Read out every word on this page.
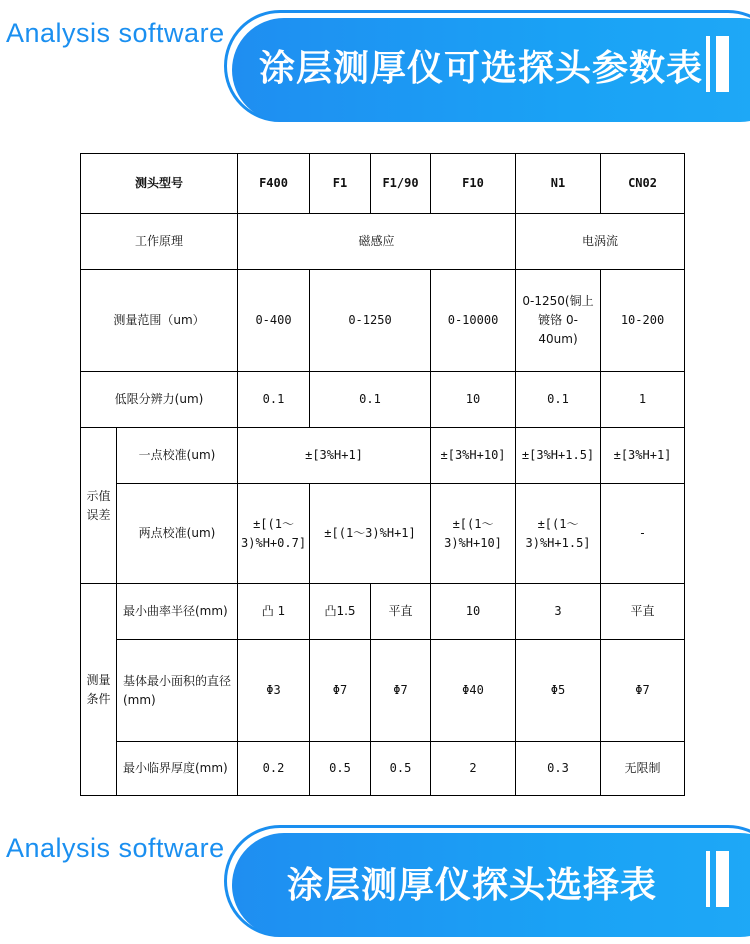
Analysis software
涂层测厚仪可选探头参数表
测头型号		F400	F1	F1/90	F10	N1	CN02
工作原理		磁感应				电涡流	
测量范围（um）		0-400	0-1250		0-10000	0-1250(铜上镀铬 0-40um)	10-200
低限分辨力(um)		0.1	0.1		10	0.1	1
示值误差	一点校准(um)	±[3%H+1]			±[3%H+10]	±[3%H+1.5]	±[3%H+1]
	两点校准(um)	±[(1～3)%H+0.7]	±[(1～3)%H+1]		±[(1～3)%H+10]	±[(1～3)%H+1.5]	-
测量条件	最小曲率半径(mm)	凸 1	凸1.5	平直	10	3	平直
	基体最小面积的直径(mm)	Φ3	Φ7	Φ7	Φ40	Φ5	Φ7
	最小临界厚度(mm)	0.2	0.5	0.5	2	0.3	无限制
Analysis software
涂层测厚仪探头选择表
